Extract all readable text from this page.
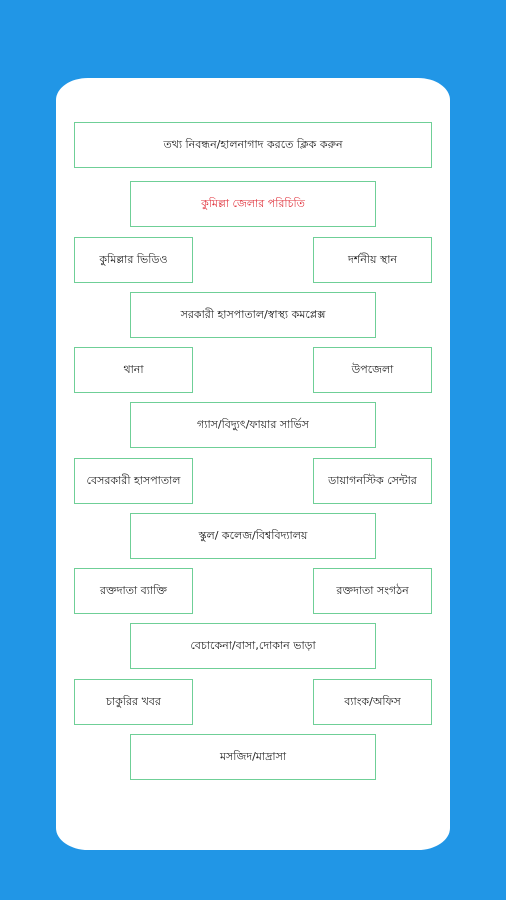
তথ্য নিবন্ধন/হালনাগাদ করতে ক্লিক করুন
কুমিল্লা জেলার পরিচিতি
কুমিল্লার ভিডিও	দর্শনীয় স্থান
সরকারী হাসপাতাল/স্বাস্থ্য কমপ্লেক্স
থানা	উপজেলা
গ্যাস/বিদ্যুৎ/ফায়ার সার্ভিস
বেসরকারী হাসপাতাল	ডায়াগনস্টিক সেন্টার
স্কুল/ কলেজ/বিশ্ববিদ্যালয়
রক্তদাতা ব্যাক্তি	রক্তদাতা সংগঠন
বেচাকেনা/বাসা,দোকান ভাড়া
চাকুরির খবর	ব্যাংক/অফিস
মসজিদ/মাদ্রাসা
